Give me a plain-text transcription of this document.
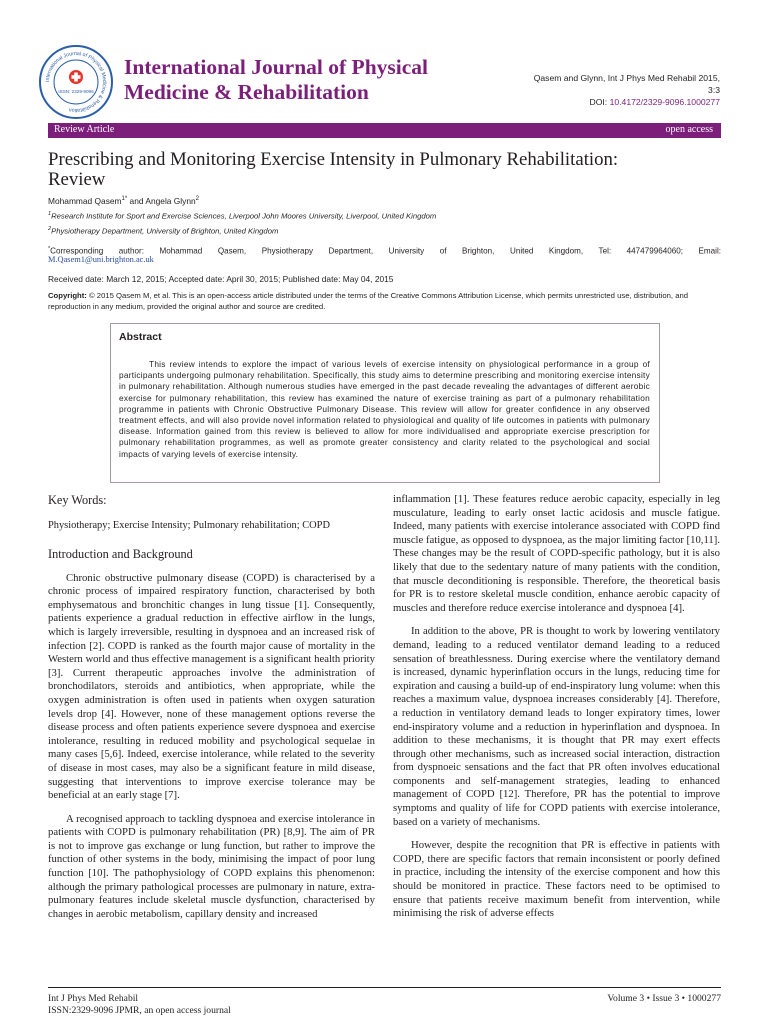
International Journal of Physical Medicine & Rehabilitation
ISSN: 2329-9096
International Journal of Physical
Medicine & Rehabilitation
Qasem and Glynn, Int J Phys Med Rehabil 2015,
3:3
DOI: 10.4172/2329-9096.1000277
Review Article	open access
Prescribing and Monitoring Exercise Intensity in Pulmonary Rehabilitation:
Review
Mohammad Qasem$^{1*}$ and Angela Glynn$^2$
$^1$Research Institute for Sport and Exercise Sciences, Liverpool John Moores University, Liverpool, United Kingdom
$^2$Physiotherapy Department, University of Brighton, United Kingdom
*Corresponding author: Mohammad Qasem, Physiotherapy Department, University of Brighton, United Kingdom, Tel: 447479964060; Email:
M.Qasem1@uni.brighton.ac.uk
Received date: March 12, 2015; Accepted date: April 30, 2015; Published date: May 04, 2015
Copyright: © 2015 Qasem M, et al. This is an open-access article distributed under the terms of the Creative Commons Attribution License, which permits unrestricted use, distribution, and reproduction in any medium, provided the original author and source are credited.
Abstract
This review intends to explore the impact of various levels of exercise intensity on physiological performance in a group of participants undergoing pulmonary rehabilitation. Specifically, this study aims to determine prescribing and monitoring exercise intensity in pulmonary rehabilitation. Although numerous studies have emerged in the past decade revealing the advantages of different aerobic exercise for pulmonary rehabilitation, this review has examined the nature of exercise training as part of a pulmonary rehabilitation programme in patients with Chronic Obstructive Pulmonary Disease. This review will allow for greater confidence in any observed treatment effects, and will also provide novel information related to physiological and quality of life outcomes in patients with pulmonary disease. Information gained from this review is believed to allow for more individualised and appropriate exercise prescription for pulmonary rehabilitation programmes, as well as promote greater consistency and clarity related to the psychological and social impacts of varying levels of exercise intensity.
Key Words:
Physiotherapy; Exercise Intensity; Pulmonary rehabilitation; COPD
Introduction and Background

Chronic obstructive pulmonary disease (COPD) is characterised by a chronic process of impaired respiratory function, characterised by both emphysematous and bronchitic changes in lung tissue [1]. Consequently, patients experience a gradual reduction in effective airflow in the lungs, which is largely irreversible, resulting in dyspnoea and an increased risk of infection [2]. COPD is ranked as the fourth major cause of mortality in the Western world and thus effective management is a significant health priority [3]. Current therapeutic approaches involve the administration of bronchodilators, steroids and antibiotics, when appropriate, while the oxygen administration is often used in patients when oxygen saturation levels drop [4]. However, none of these management options reverse the disease process and often patients experience severe dyspnoea and exercise intolerance, resulting in reduced mobility and psychological sequelae in many cases [5,6]. Indeed, exercise intolerance, while related to the severity of disease in most cases, may also be a significant feature in mild disease, suggesting that interventions to improve exercise tolerance may be beneficial at an early stage [7].

A recognised approach to tackling dyspnoea and exercise intolerance in patients with COPD is pulmonary rehabilitation (PR) [8,9]. The aim of PR is not to improve gas exchange or lung function, but rather to improve the function of other systems in the body, minimising the impact of poor lung function [10]. The pathophysiology of COPD explains this phenomenon: although the primary pathological processes are pulmonary in nature, extra-pulmonary features include skeletal muscle dysfunction, characterised by changes in aerobic metabolism, capillary density and increased

inflammation [1]. These features reduce aerobic capacity, especially in leg musculature, leading to early onset lactic acidosis and muscle fatigue. Indeed, many patients with exercise intolerance associated with COPD find muscle fatigue, as opposed to dyspnoea, as the major limiting factor [10,11]. These changes may be the result of COPD-specific pathology, but it is also likely that due to the sedentary nature of many patients with the condition, that muscle deconditioning is responsible. Therefore, the theoretical basis for PR is to restore skeletal muscle condition, enhance aerobic capacity of muscles and therefore reduce exercise intolerance and dyspnoea [4].

In addition to the above, PR is thought to work by lowering ventilatory demand, leading to a reduced ventilator demand leading to a reduced sensation of breathlessness. During exercise where the ventilatory demand is increased, dynamic hyperinflation occurs in the lungs, reducing time for expiration and causing a build-up of end-inspiratory lung volume: when this reaches a maximum value, dyspnoea increases considerably [4]. Therefore, a reduction in ventilatory demand leads to longer expiratory times, lower end-inspiratory volume and a reduction in hyperinflation and dyspnoea. In addition to these mechanisms, it is thought that PR may exert effects through other mechanisms, such as increased social interaction, distraction from dyspnoeic sensations and the fact that PR often involves educational components and self-management strategies, leading to enhanced management of COPD [12]. Therefore, PR has the potential to improve symptoms and quality of life for COPD patients with exercise intolerance, based on a variety of mechanisms.

However, despite the recognition that PR is effective in patients with COPD, there are specific factors that remain inconsistent or poorly defined in practice, including the intensity of the exercise component and how this should be monitored in practice. These factors need to be optimised to ensure that patients receive maximum benefit from intervention, while minimising the risk of adverse effects

Int J Phys Med Rehabil
ISSN:2329-9096 JPMR, an open access journal
Volume 3 • Issue 3 • 1000277
